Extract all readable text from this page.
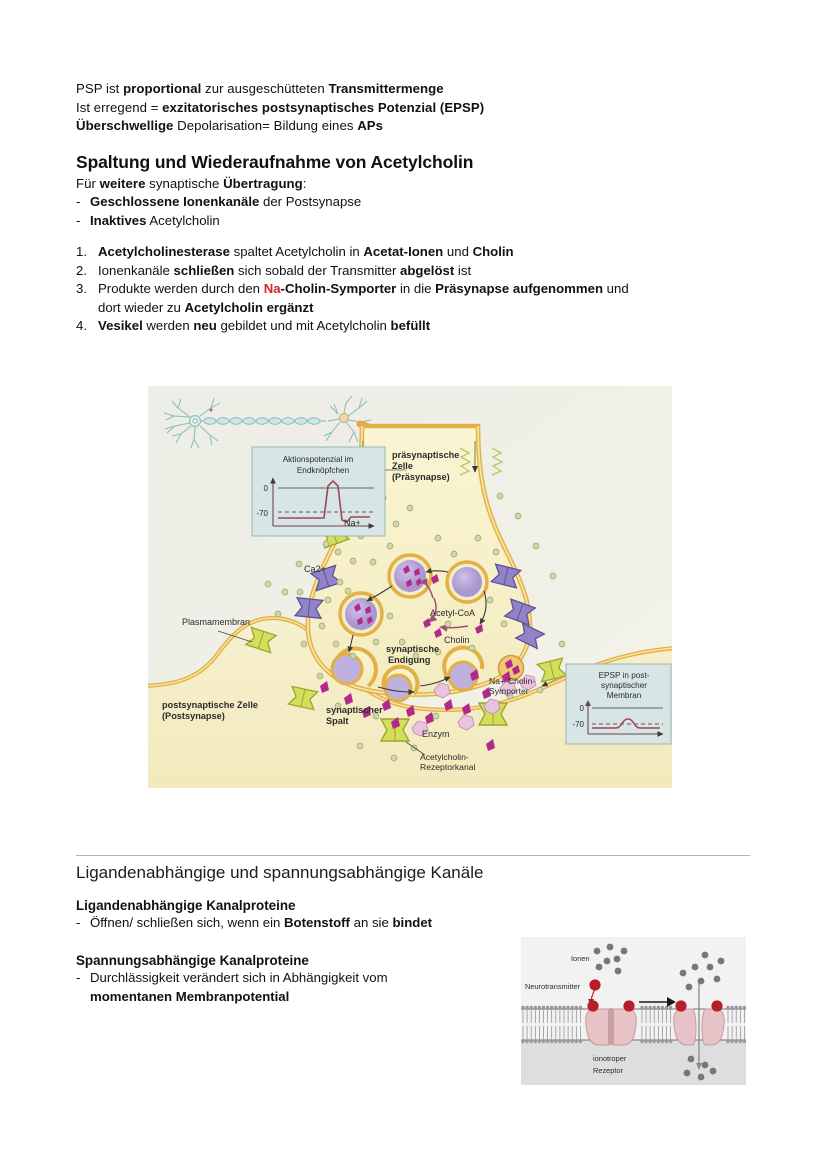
PSP ist proportional zur ausgeschütteten Transmittermenge
Ist erregend = exzitatorisches postsynaptisches Potenzial (EPSP)
Überschwellige Depolarisation= Bildung eines APs
Spaltung und Wiederaufnahme von Acetylcholin
Für weitere synaptische Übertragung:
- Geschlossene Ionenkanäle der Postsynapse
- Inaktives Acetylcholin
1. Acetylcholinesterase spaltet Acetylcholin in Acetat-Ionen und Cholin
2. Ionenkanäle schließen sich sobald der Transmitter abgelöst ist
3. Produkte werden durch den Na-Cholin-Symporter in die Präsynapse aufgenommen und
dort wieder zu Acetylcholin ergänzt
4. Vesikel werden neu gebildet und mit Acetylcholin befüllt
Aktionspotenzial im
Endknöpfchen
0
-70
EPSP in post-
synaptischer
Membran
0
-70
präsynaptische
Zelle
(Präsynapse)
Na+
Ca2+
Plasmamembran
postsynaptische Zelle
(Postsynapse)
synaptische
Endigung
Acetyl-CoA
Cholin
Na+-Cholin-
Symporter
synaptischer
Spalt
Enzym
Acetylcholin-
Rezeptorkanal
Ligandenabhängige und spannungsabhängige Kanäle
Ligandenabhängige Kanalproteine
- Öffnen/ schließen sich, wenn ein Botenstoff an sie bindet
Spannungsabhängige Kanalproteine
- Durchlässigkeit verändert sich in Abhängigkeit vom
momentanen Membranpotential
Ionen
Neurotransmitter
ionotroper
Rezeptor
